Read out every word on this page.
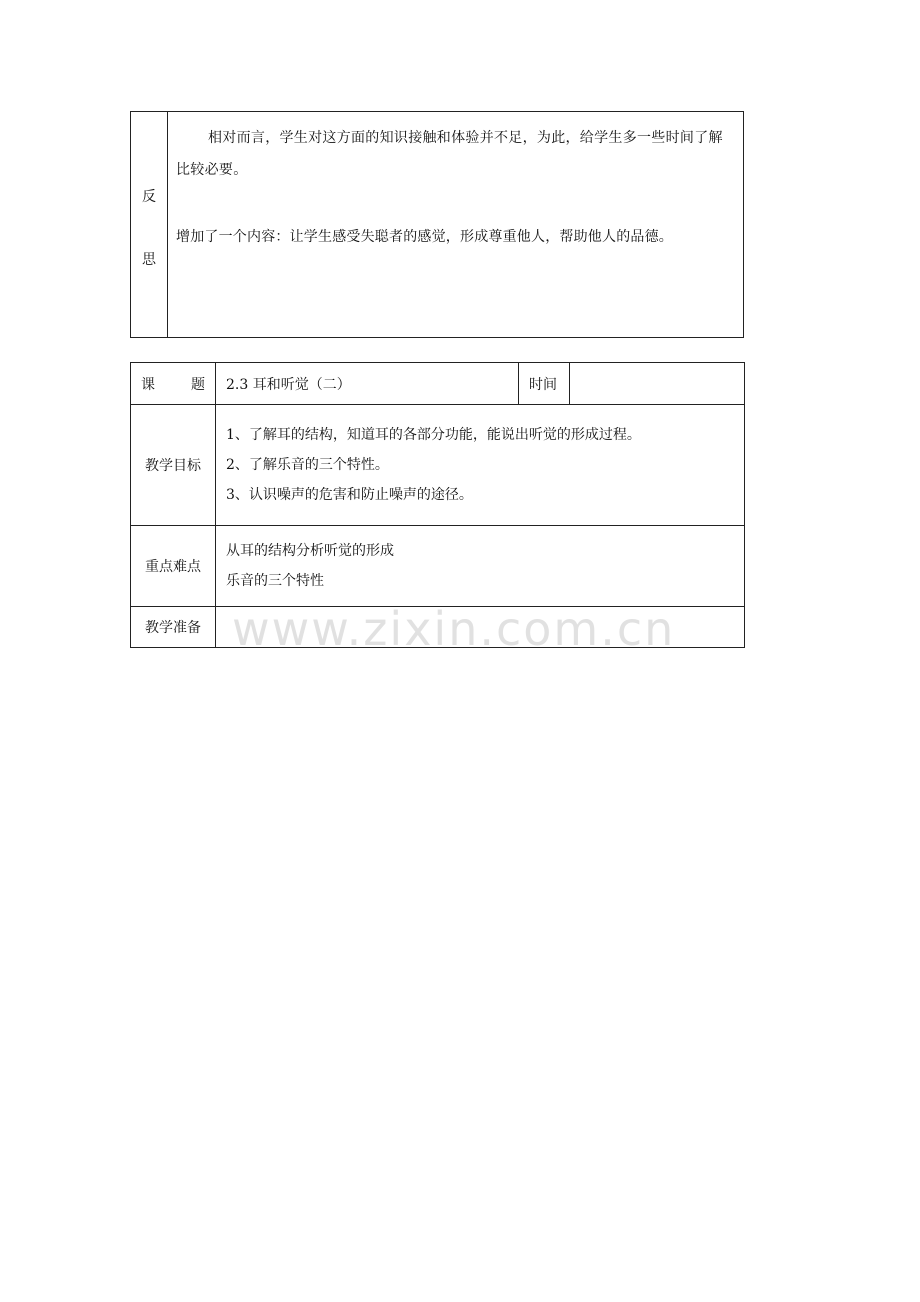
反
思

相对而言，学生对这方面的知识接触和体验并不足，为此，给学生多一些时间了解比较必要。

增加了一个内容：让学生感受失聪者的感觉，形成尊重他人，帮助他人的品德。

课 题	2.3 耳和听觉（二）	时间	

教学目标	1、了解耳的结构，知道耳的各部分功能，能说出听觉的形成过程。
2、了解乐音的三个特性。
3、认识噪声的危害和防止噪声的途径。		

重点难点	从耳的结构分析听觉的形成
乐音的三个特性		

教学准备			www.zixin.com.cn
